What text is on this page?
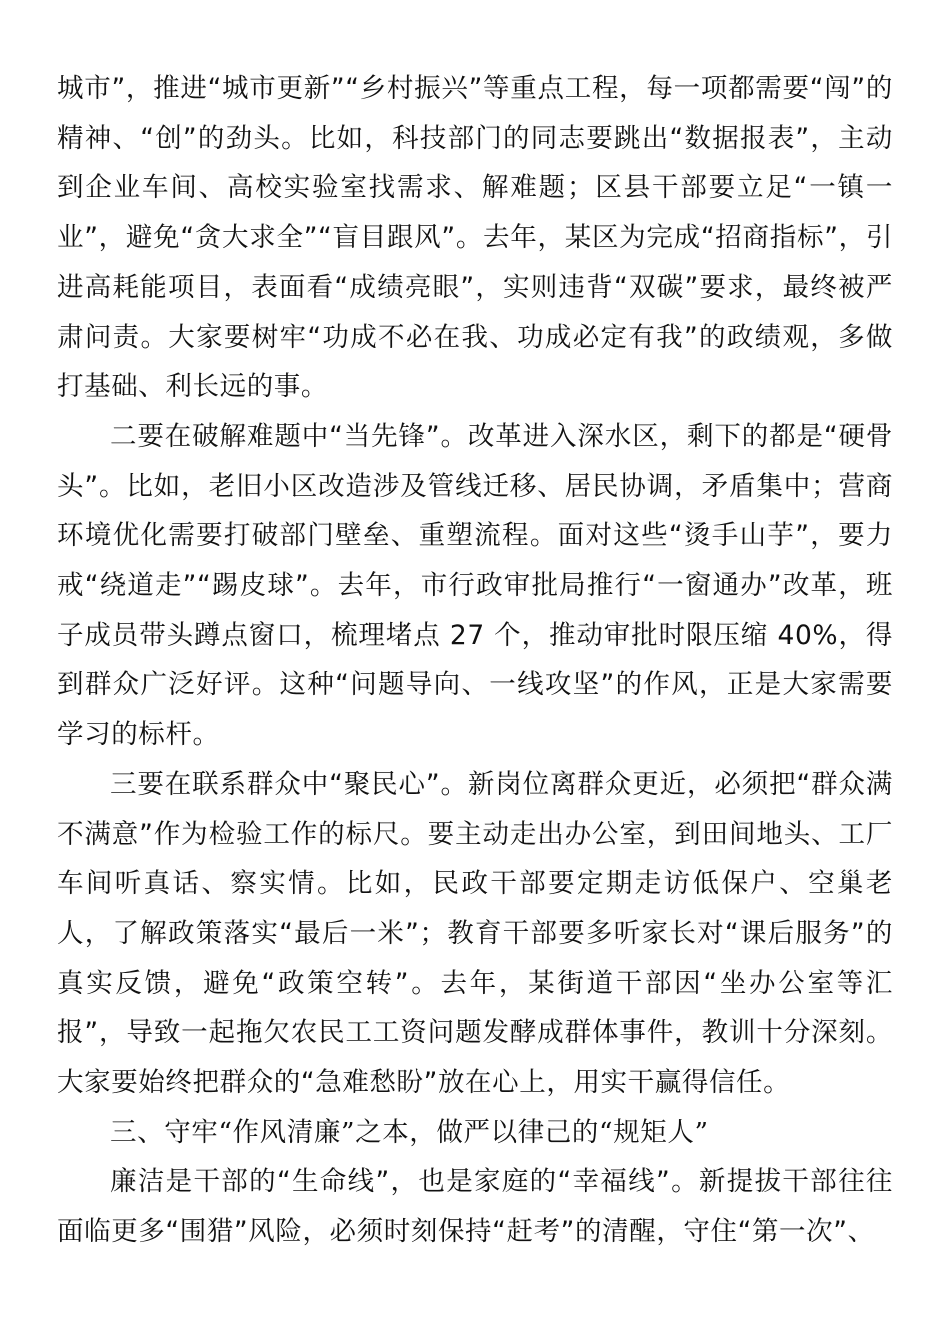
城市”，推进“城市更新”“乡村振兴”等重点工程，每一项都需要“闯”的精神、“创”的劲头。比如，科技部门的同志要跳出“数据报表”，主动到企业车间、高校实验室找需求、解难题；区县干部要立足“一镇一业”，避免“贪大求全”“盲目跟风”。去年，某区为完成“招商指标”，引进高耗能项目，表面看“成绩亮眼”，实则违背“双碳”要求，最终被严肃问责。大家要树牢“功成不必在我、功成必定有我”的政绩观，多做打基础、利长远的事。

二要在破解难题中“当先锋”。改革进入深水区，剩下的都是“硬骨头”。比如，老旧小区改造涉及管线迁移、居民协调，矛盾集中；营商环境优化需要打破部门壁垒、重塑流程。面对这些“烫手山芋”，要力戒“绕道走”“踢皮球”。去年，市行政审批局推行“一窗通办”改革，班子成员带头蹲点窗口，梳理堵点 27 个，推动审批时限压缩 40%，得到群众广泛好评。这种“问题导向、一线攻坚”的作风，正是大家需要学习的标杆。

三要在联系群众中“聚民心”。新岗位离群众更近，必须把“群众满不满意”作为检验工作的标尺。要主动走出办公室，到田间地头、工厂车间听真话、察实情。比如，民政干部要定期走访低保户、空巢老人，了解政策落实“最后一米”；教育干部要多听家长对“课后服务”的真实反馈，避免“政策空转”。去年，某街道干部因“坐办公室等汇报”，导致一起拖欠农民工工资问题发酵成群体事件，教训十分深刻。大家要始终把群众的“急难愁盼”放在心上，用实干赢得信任。

三、守牢“作风清廉”之本，做严以律己的“规矩人”

廉洁是干部的“生命线”，也是家庭的“幸福线”。新提拔干部往往面临更多“围猎”风险，必须时刻保持“赶考”的清醒，守住“第一次”、
